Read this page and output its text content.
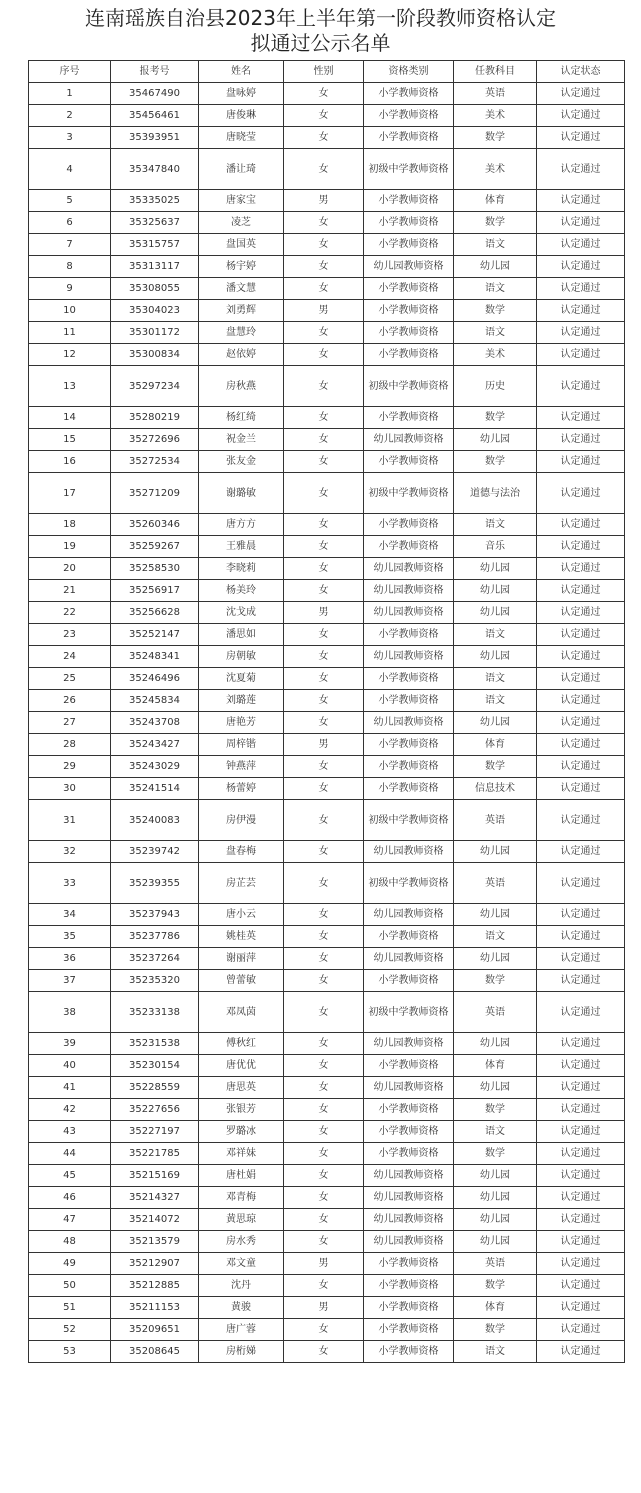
连南瑶族自治县2023年上半年第一阶段教师资格认定
拟通过公示名单
序号	报考号	姓名	性别	资格类别	任教科目	认定状态
1	35467490	盘咏婷	女	小学教师资格	英语	认定通过
2	35456461	唐俊琳	女	小学教师资格	美术	认定通过
3	35393951	唐晓莹	女	小学教师资格	数学	认定通过
4	35347840	潘让琦	女	初级中学教师资格	美术	认定通过
5	35335025	唐家宝	男	小学教师资格	体育	认定通过
6	35325637	凌芝	女	小学教师资格	数学	认定通过
7	35315757	盘国英	女	小学教师资格	语文	认定通过
8	35313117	杨宇婷	女	幼儿园教师资格	幼儿园	认定通过
9	35308055	潘文慧	女	小学教师资格	语文	认定通过
10	35304023	刘勇辉	男	小学教师资格	数学	认定通过
11	35301172	盘慧玲	女	小学教师资格	语文	认定通过
12	35300834	赵依婷	女	小学教师资格	美术	认定通过
13	35297234	房秋燕	女	初级中学教师资格	历史	认定通过
14	35280219	杨红绮	女	小学教师资格	数学	认定通过
15	35272696	祝金兰	女	幼儿园教师资格	幼儿园	认定通过
16	35272534	张友金	女	小学教师资格	数学	认定通过
17	35271209	谢璐敏	女	初级中学教师资格	道德与法治	认定通过
18	35260346	唐方方	女	小学教师资格	语文	认定通过
19	35259267	王雅晨	女	小学教师资格	音乐	认定通过
20	35258530	李晓莉	女	幼儿园教师资格	幼儿园	认定通过
21	35256917	杨美玲	女	幼儿园教师资格	幼儿园	认定通过
22	35256628	沈戈成	男	幼儿园教师资格	幼儿园	认定通过
23	35252147	潘思如	女	小学教师资格	语文	认定通过
24	35248341	房朝敏	女	幼儿园教师资格	幼儿园	认定通过
25	35246496	沈夏菊	女	小学教师资格	语文	认定通过
26	35245834	刘璐莲	女	小学教师资格	语文	认定通过
27	35243708	唐艳芳	女	幼儿园教师资格	幼儿园	认定通过
28	35243427	周梓锴	男	小学教师资格	体育	认定通过
29	35243029	钟燕萍	女	小学教师资格	数学	认定通过
30	35241514	杨蕾婷	女	小学教师资格	信息技术	认定通过
31	35240083	房伊漫	女	初级中学教师资格	英语	认定通过
32	35239742	盘春梅	女	幼儿园教师资格	幼儿园	认定通过
33	35239355	房芷芸	女	初级中学教师资格	英语	认定通过
34	35237943	唐小云	女	幼儿园教师资格	幼儿园	认定通过
35	35237786	姚桂英	女	小学教师资格	语文	认定通过
36	35237264	谢丽萍	女	幼儿园教师资格	幼儿园	认定通过
37	35235320	曾蕾敏	女	小学教师资格	数学	认定通过
38	35233138	邓凤茵	女	初级中学教师资格	英语	认定通过
39	35231538	傅秋红	女	幼儿园教师资格	幼儿园	认定通过
40	35230154	唐优优	女	小学教师资格	体育	认定通过
41	35228559	唐思英	女	幼儿园教师资格	幼儿园	认定通过
42	35227656	张银芳	女	小学教师资格	数学	认定通过
43	35227197	罗璐冰	女	小学教师资格	语文	认定通过
44	35221785	邓祥妹	女	小学教师资格	数学	认定通过
45	35215169	唐杜娟	女	幼儿园教师资格	幼儿园	认定通过
46	35214327	邓青梅	女	幼儿园教师资格	幼儿园	认定通过
47	35214072	黄思琼	女	幼儿园教师资格	幼儿园	认定通过
48	35213579	房水秀	女	幼儿园教师资格	幼儿园	认定通过
49	35212907	邓文童	男	小学教师资格	英语	认定通过
50	35212885	沈丹	女	小学教师资格	数学	认定通过
51	35211153	黄骏	男	小学教师资格	体育	认定通过
52	35209651	唐广蓉	女	小学教师资格	数学	认定通过
53	35208645	房桁娣	女	小学教师资格	语文	认定通过
